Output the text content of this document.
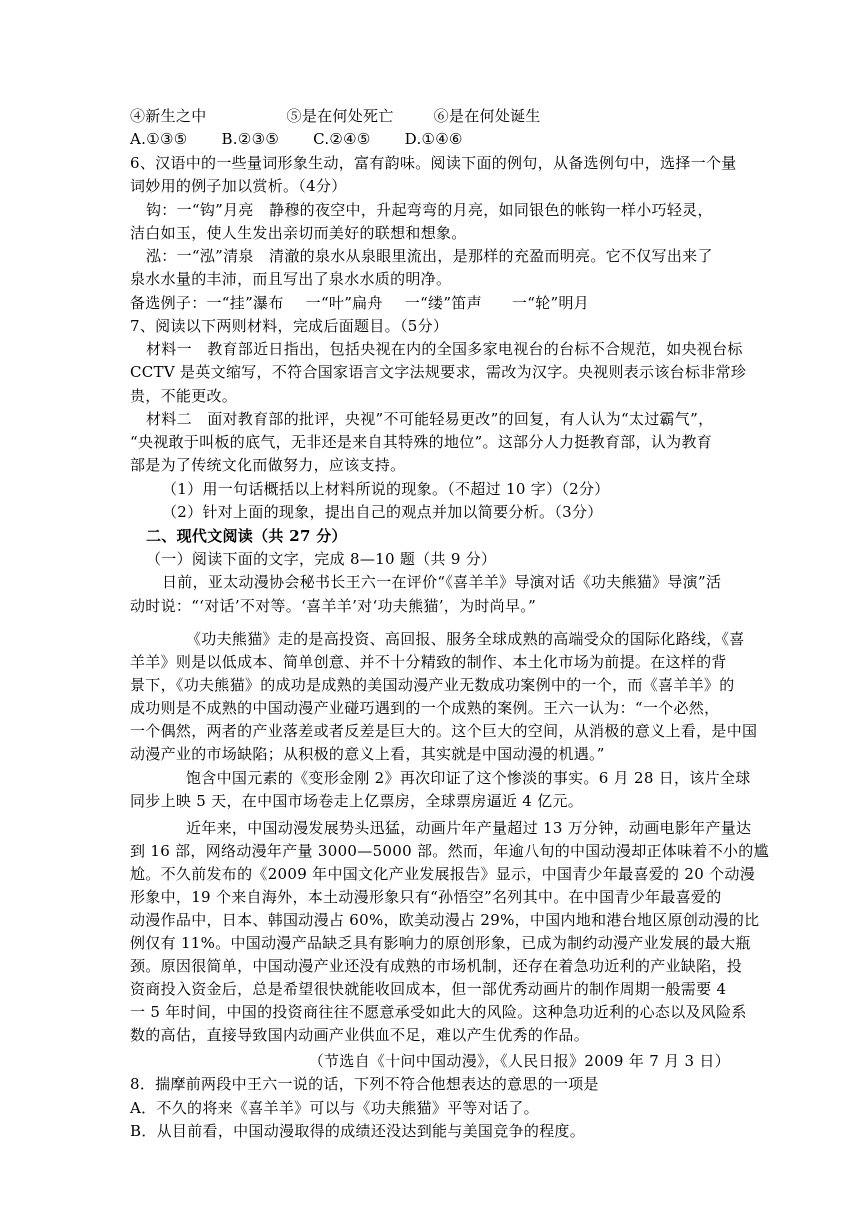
④新生之中	⑤是在何处死亡	⑥是在何处诞生
A.①③⑤ B.②③⑤ C.②④⑤ D.①④⑥
6、汉语中的一些量词形象生动，富有韵味。阅读下面的例句，从备选例句中，选择一个量
词妙用的例子加以赏析。（4分）
钩：一“钩”月亮　静穆的夜空中，升起弯弯的月亮，如同银色的帐钩一样小巧轻灵，
洁白如玉，使人生发出亲切而美好的联想和想象。
泓：一“泓”清泉　清澈的泉水从泉眼里流出，是那样的充盈而明亮。它不仅写出来了
泉水水量的丰沛，而且写出了泉水水质的明净。
备选例子：一“挂”瀑布 一“叶”扁舟 一“缕”笛声 一“轮”明月
7、阅读以下两则材料，完成后面题目。（5分）
材料一　教育部近日指出，包括央视在内的全国多家电视台的台标不合规范，如央视台标
CCTV 是英文缩写，不符合国家语言文字法规要求，需改为汉字。央视则表示该台标非常珍
贵，不能更改。
材料二　面对教育部的批评，央视”不可能轻易更改”的回复，有人认为“太过霸气”，
“央视敢于叫板的底气，无非还是来自其特殊的地位”。这部分人力挺教育部，认为教育
部是为了传统文化而做努力，应该支持。
（1）用一句话概括以上材料所说的现象。（不超过 10 字）（2分）
（2）针对上面的现象，提出自己的观点并加以简要分析。（3分）
二、现代文阅读（共 27 分）
（一）阅读下面的文字，完成 8—10 题（共 9 分）
日前，亚太动漫协会秘书长王六一在评价“《喜羊羊》导演对话《功夫熊猫》导演”活
动时说：“‘对话’不对等。‘喜羊羊’对‘功夫熊猫’，为时尚早。”
《功夫熊猫》走的是高投资、高回报、服务全球成熟的高端受众的国际化路线，《喜
羊羊》则是以低成本、简单创意、并不十分精致的制作、本土化市场为前提。在这样的背
景下，《功夫熊猫》的成功是成熟的美国动漫产业无数成功案例中的一个，而《喜羊羊》的
成功则是不成熟的中国动漫产业碰巧遇到的一个成熟的案例。王六一认为：“一个必然，
一个偶然，两者的产业落差或者反差是巨大的。这个巨大的空间，从消极的意义上看，是中国
动漫产业的市场缺陷；从积极的意义上看，其实就是中国动漫的机遇。”
饱含中国元素的《变形金刚 2》再次印证了这个惨淡的事实。6 月 28 日，该片全球
同步上映 5 天，在中国市场卷走上亿票房，全球票房逼近 4 亿元。
近年来，中国动漫发展势头迅猛，动画片年产量超过 13 万分钟，动画电影年产量达
到 16 部，网络动漫年产量 3000—5000 部。然而，年逾八旬的中国动漫却正体味着不小的尴
尬。不久前发布的《2009 年中国文化产业发展报告》显示，中国青少年最喜爱的 20 个动漫
形象中，19 个来自海外，本土动漫形象只有“孙悟空”名列其中。在中国青少年最喜爱的
动漫作品中，日本、韩国动漫占 60%，欧美动漫占 29%，中国内地和港台地区原创动漫的比
例仅有 11%。中国动漫产品缺乏具有影响力的原创形象，已成为制约动漫产业发展的最大瓶
颈。原因很简单，中国动漫产业还没有成熟的市场机制，还存在着急功近利的产业缺陷，投
资商投入资金后，总是希望很快就能收回成本，但一部优秀动画片的制作周期一般需要 4
一 5 年时间，中国的投资商往往不愿意承受如此大的风险。这种急功近利的心态以及风险系
数的高估，直接导致国内动画产业供血不足，难以产生优秀的作品。
（节选自《十问中国动漫》，《人民日报》2009 年 7 月 3 日）
8．揣摩前两段中王六一说的话，下列不符合他想表达的意思的一项是
A．不久的将来《喜羊羊》可以与《功夫熊猫》平等对话了。
B．从目前看，中国动漫取得的成绩还没达到能与美国竞争的程度。
